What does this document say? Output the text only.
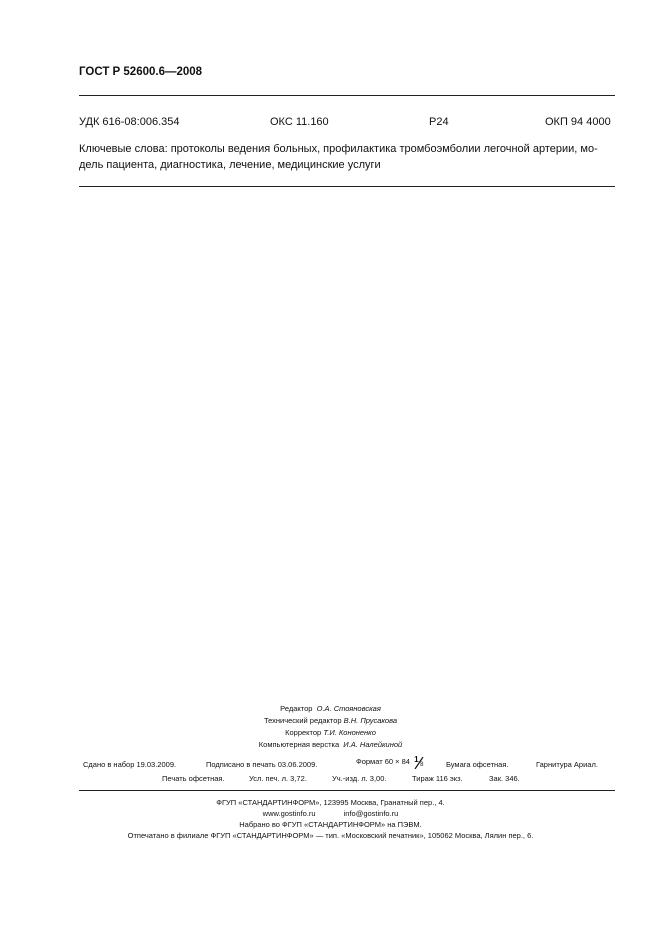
ГОСТ Р 52600.6—2008
УДК 616-08:006.354	ОКС 11.160	Р24	ОКП 94 4000
Ключевые слова: протоколы ведения больных, профилактика тромбоэмболии легочной артерии, мо-
дель пациента, диагностика, лечение, медицинские услуги
Редактор О.А. Стояновская
Технический редактор В.Н. Прусакова
Корректор Т.И. Кононенко
Компьютерная верстка И.А. Налейкиной
Сдано в набор 19.03.2009.	Подписано в печать 03.06.2009.	Формат 60 × 84 1
8	Бумага офсетная.	Гарнитура Ариал.
Печать офсетная.	Усл. печ. л. 3,72.	Уч.-изд. л. 3,00.	Тираж 116 экз.	Зак. 346.
ФГУП «СТАНДАРТИНФОРМ», 123995 Москва, Гранатный пер., 4.
www.gostinfo.ru	info@gostinfo.ru
Набрано во ФГУП «СТАНДАРТИНФОРМ» на ПЭВМ.
Отпечатано в филиале ФГУП «СТАНДАРТИНФОРМ» — тип. «Московский печатник», 105062 Москва, Лялин пер., 6.
